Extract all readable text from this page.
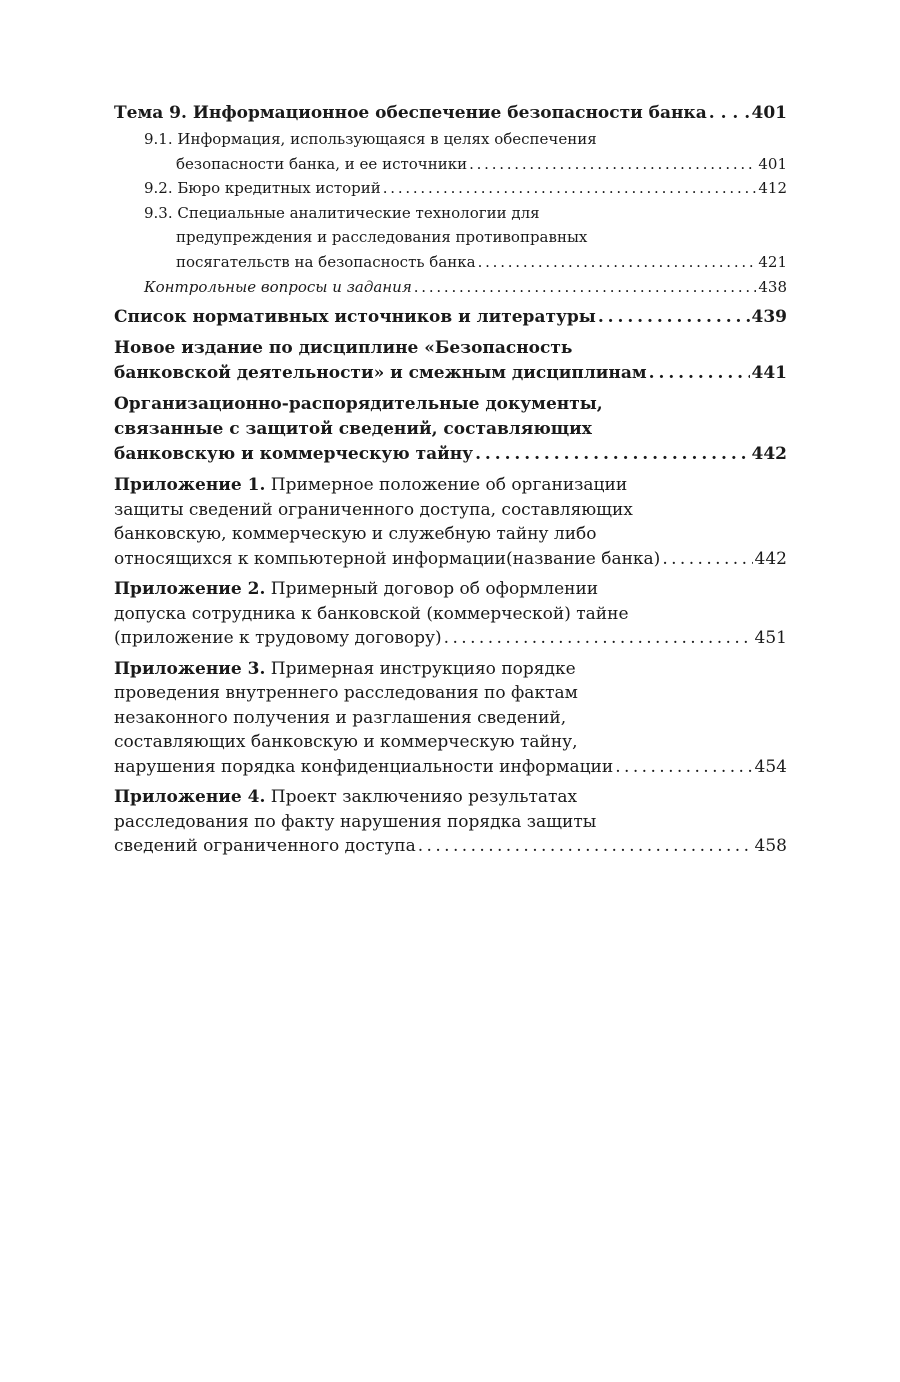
Тема 9. Информационное обеспечение безопасности банка . . .	401
9.1. Информация, использующаяся в целях обеспечения
безопасности банка, и ее источники . . .	401
9.2. Бюро кредитных историй . . .	412
9.3. Специальные аналитические технологии для
предупреждения и расследования противоправных
посягательств на безопасность банка . . .	421
Контрольные вопросы и задания . . .	438
Список нормативных источников и литературы . . .	439
Новое издание по дисциплине «Безопасность
банковской деятельности» и смежным дисциплинам . . .	441
Организационно-распорядительные документы,
связанные с защитой сведений, составляющих
банковскую и коммерческую тайну . . .	442
Приложение 1. Примерное положение об организации
защиты сведений ограниченного доступа, составляющих
банковскую, коммерческую и служебную тайну либо
относящихся к компьютерной информации(название банка) . . .	442
Приложение 2. Примерный договор об оформлении
допуска сотрудника к банковской (коммерческой) тайне
(приложение к трудовому договору) . . .	451
Приложение 3. Примерная инструкцияо порядке
проведения внутреннего расследования по фактам
незаконного получения и разглашения сведений,
составляющих банковскую и коммерческую тайну,
нарушения порядка конфиденциальности информации . . .	454
Приложение 4. Проект заключенияо результатах
расследования по факту нарушения порядка защиты
сведений ограниченного доступа . . .	458
